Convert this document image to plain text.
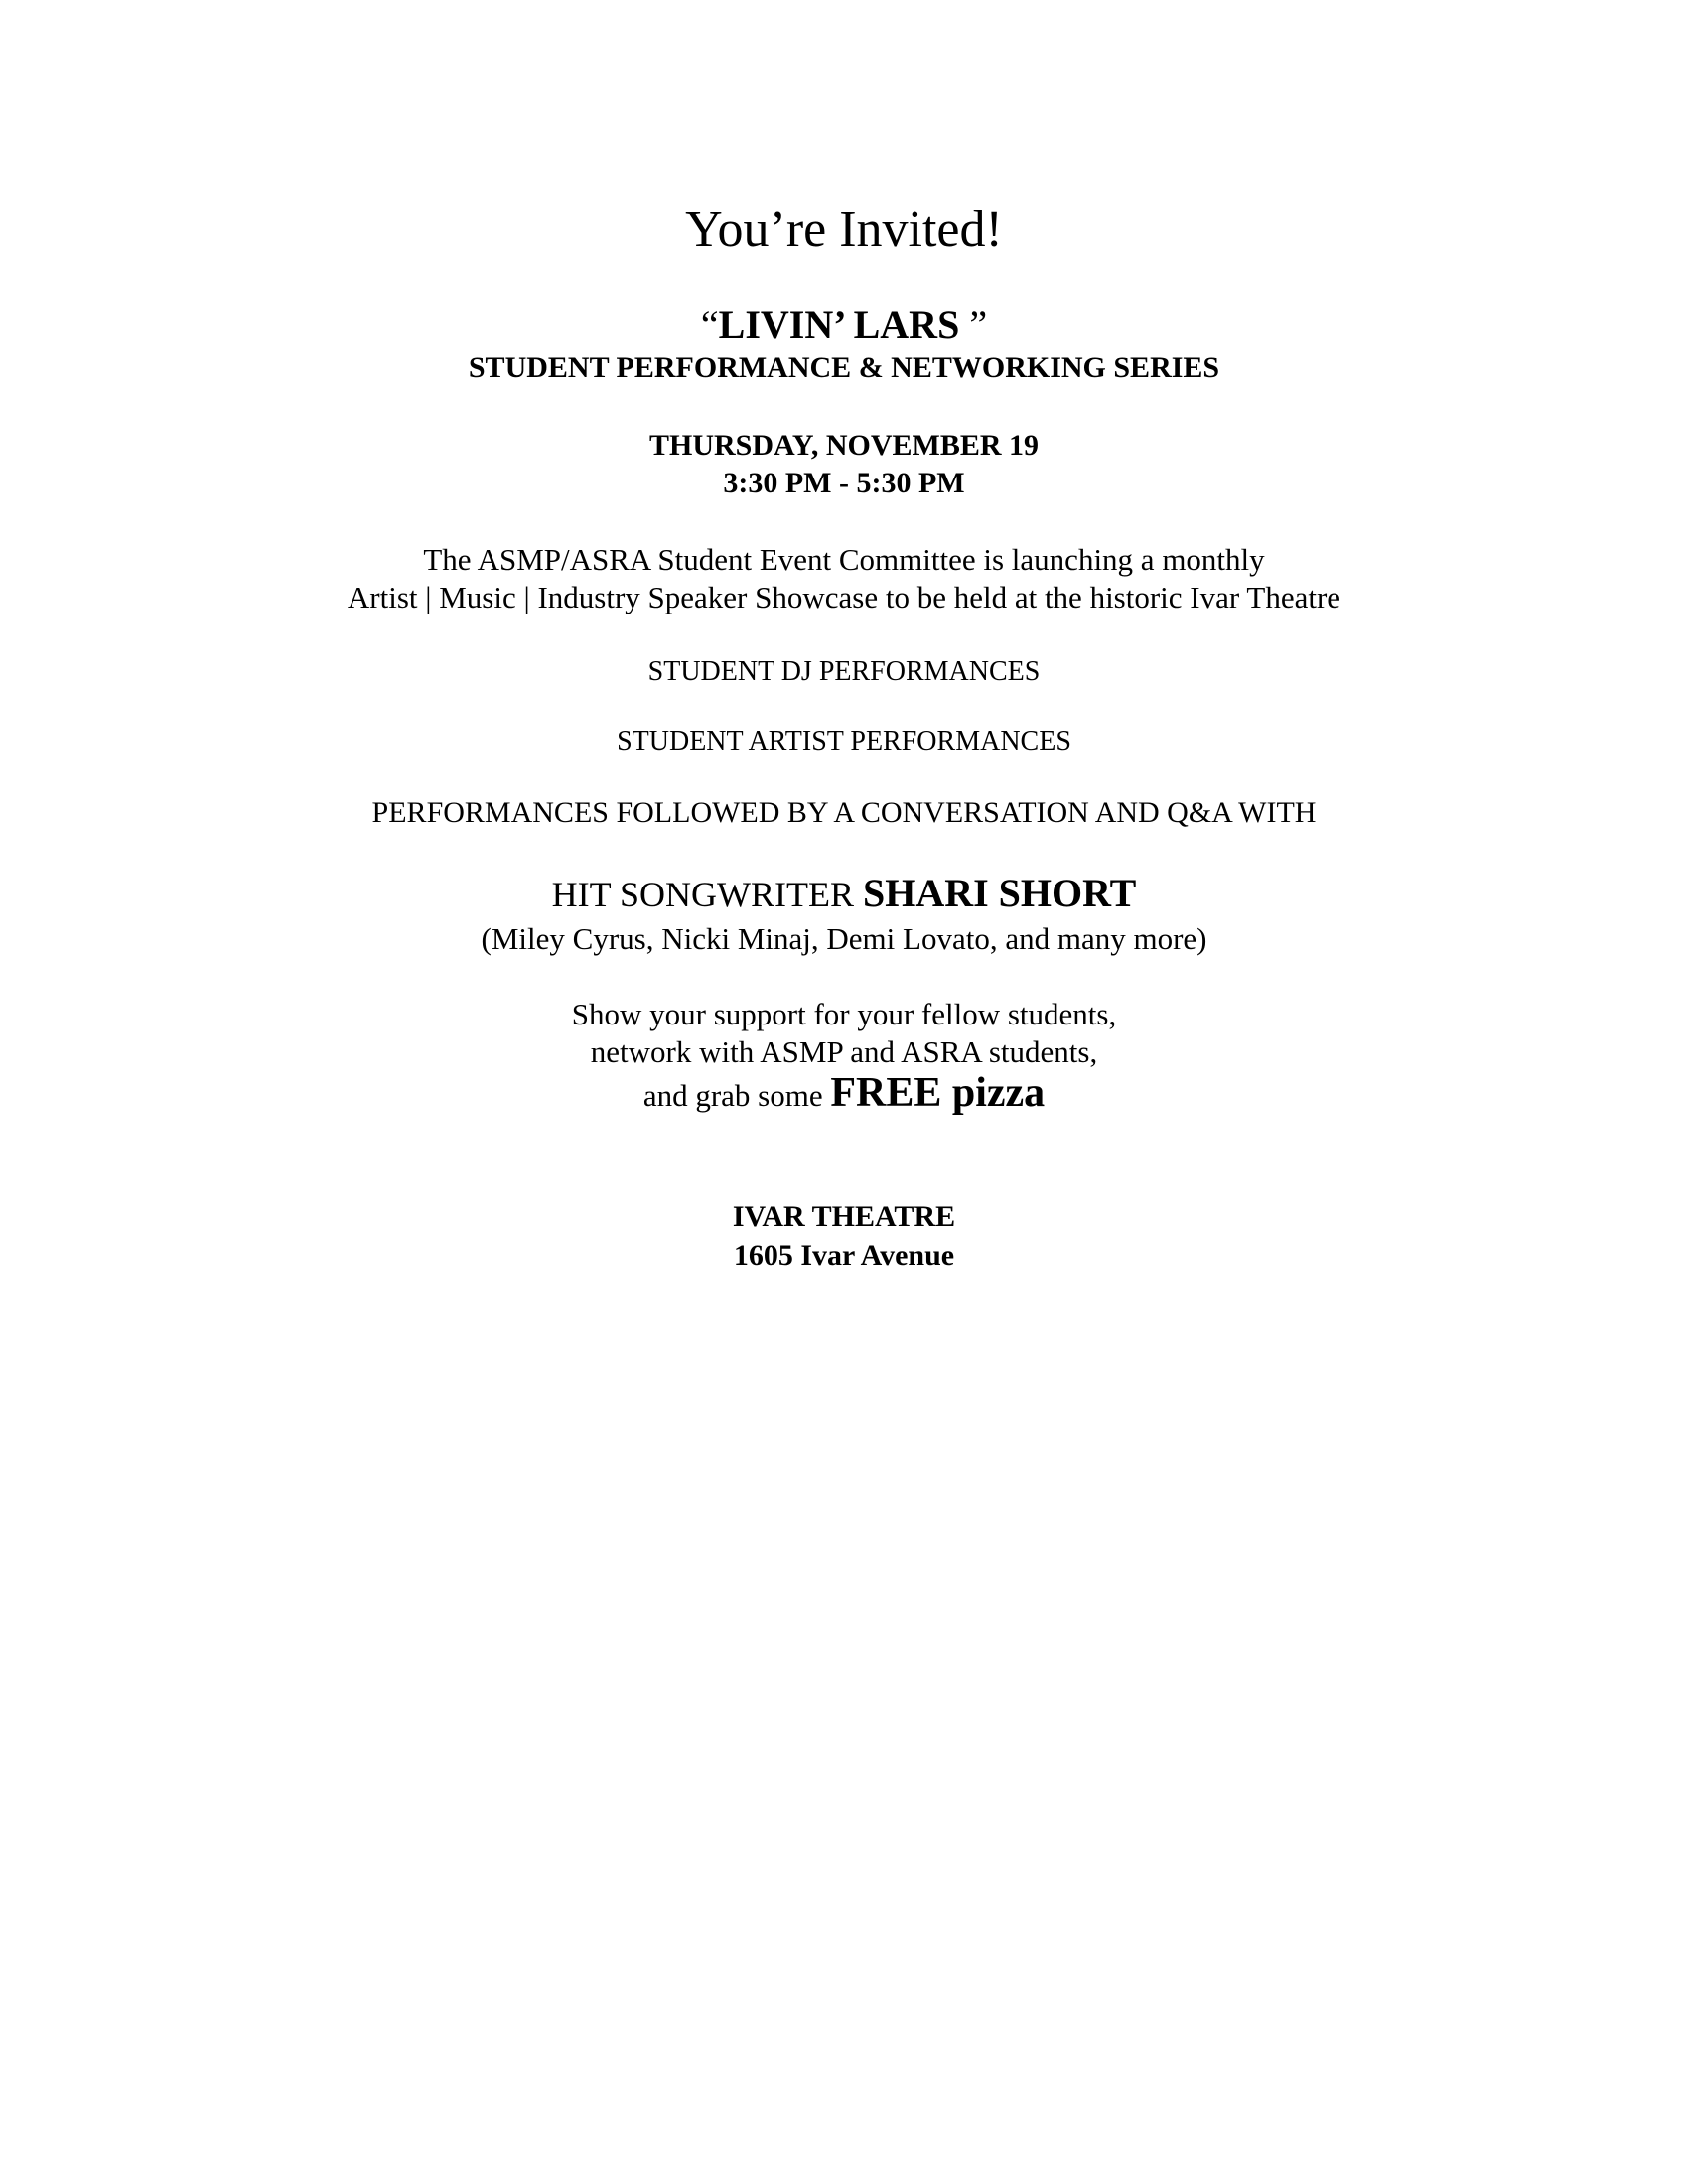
You’re Invited!
“LIVIN’ LARS ”
STUDENT PERFORMANCE & NETWORKING SERIES
THURSDAY, NOVEMBER 19
3:30 PM - 5:30 PM
The ASMP/ASRA Student Event Committee is launching a monthly
Artist | Music | Industry Speaker Showcase to be held at the historic Ivar Theatre
STUDENT DJ PERFORMANCES
STUDENT ARTIST PERFORMANCES
PERFORMANCES FOLLOWED BY A CONVERSATION AND Q&A WITH
HIT SONGWRITER SHARI SHORT
(Miley Cyrus, Nicki Minaj, Demi Lovato, and many more)
Show your support for your fellow students,
network with ASMP and ASRA students,
and grab some FREE pizza
IVAR THEATRE
1605 Ivar Avenue
